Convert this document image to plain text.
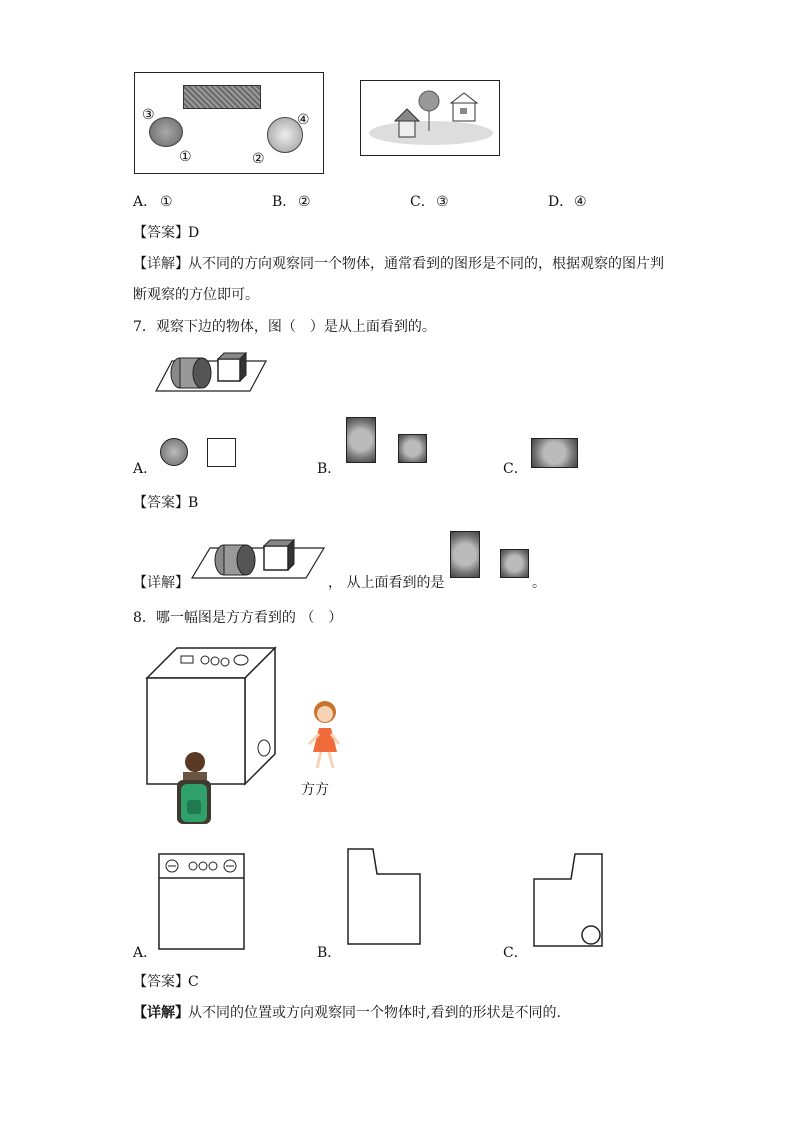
③	④
①	②
A． ①	B． ②	C． ③	D． ④
【答案】 D
【详解】 从不同的方向观察同一个物体，通常看到的图形是不同的，根据观察的图片判
断观察的方位即可。
7．观察下边的物体，图（　）是从上面看到的。
A．	B．	C．
【答案】 B
【详解】	， 从上面看到的是	。
8．哪一幅图是方方看到的 （　）
方方
A．	B．	C．
【答案】 C
【详解】 从不同的位置或方向观察同一个物体时,看到的形状是不同的.
